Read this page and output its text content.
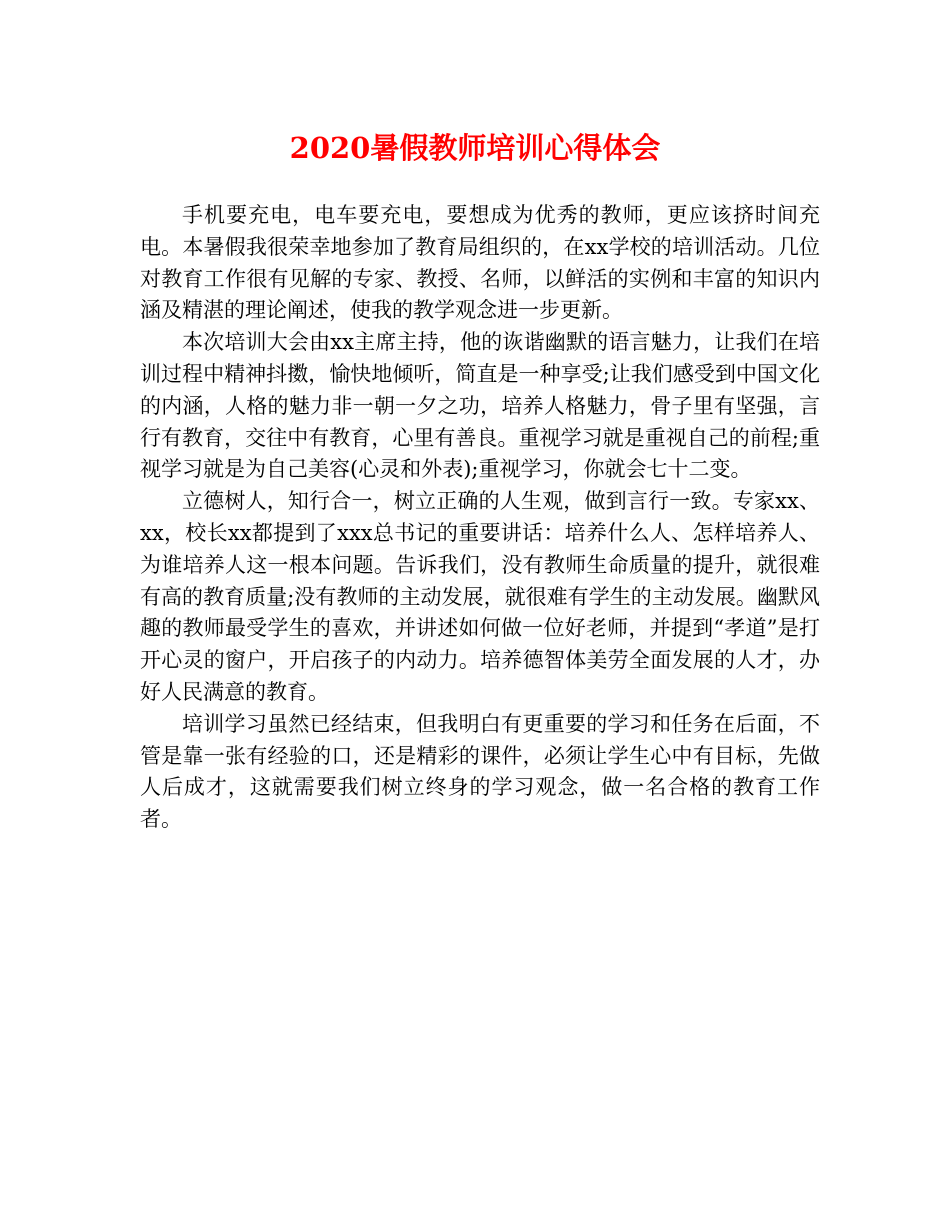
2020暑假教师培训心得体会

手机要充电，电车要充电，要想成为优秀的教师，更应该挤时间充电。本暑假我很荣幸地参加了教育局组织的，在xx学校的培训活动。几位对教育工作很有见解的专家、教授、名师，以鲜活的实例和丰富的知识内涵及精湛的理论阐述，使我的教学观念进一步更新。

本次培训大会由xx主席主持，他的诙谐幽默的语言魅力，让我们在培训过程中精神抖擞，愉快地倾听，简直是一种享受;让我们感受到中国文化的内涵，人格的魅力非一朝一夕之功，培养人格魅力，骨子里有坚强，言行有教育，交往中有教育，心里有善良。重视学习就是重视自己的前程;重视学习就是为自己美容(心灵和外表);重视学习，你就会七十二变。

立德树人，知行合一，树立正确的人生观，做到言行一致。专家xx、xx，校长xx都提到了xxx总书记的重要讲话：培养什么人、怎样培养人、为谁培养人这一根本问题。告诉我们，没有教师生命质量的提升，就很难有高的教育质量;没有教师的主动发展，就很难有学生的主动发展。幽默风趣的教师最受学生的喜欢，并讲述如何做一位好老师，并提到“孝道”是打开心灵的窗户，开启孩子的内动力。培养德智体美劳全面发展的人才，办好人民满意的教育。

培训学习虽然已经结束，但我明白有更重要的学习和任务在后面，不管是靠一张有经验的口，还是精彩的课件，必须让学生心中有目标，先做人后成才，这就需要我们树立终身的学习观念，做一名合格的教育工作者。
